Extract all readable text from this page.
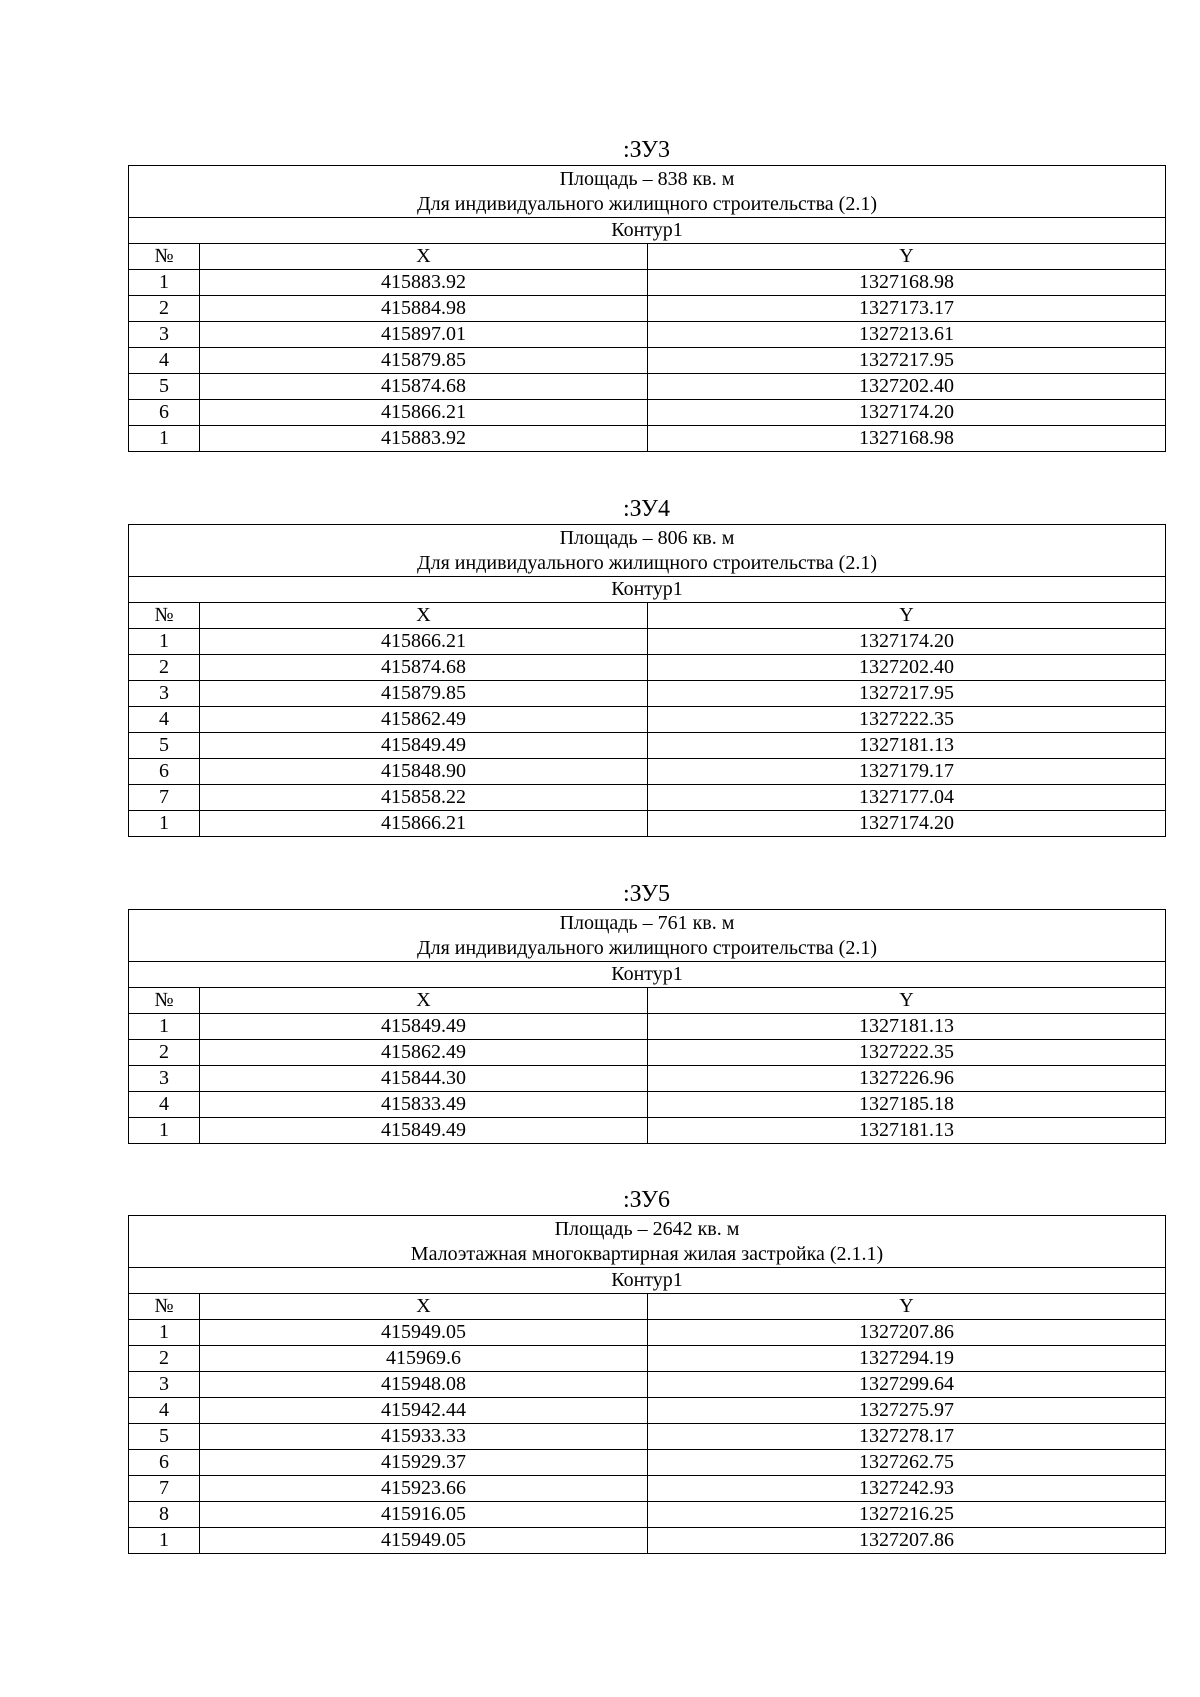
:ЗУ3
Площадь – 838 кв. м
Для индивидуального жилищного строительства (2.1)		

Контур1		
№	X	Y
1	415883.92	1327168.98
2	415884.98	1327173.17
3	415897.01	1327213.61
4	415879.85	1327217.95
5	415874.68	1327202.40
6	415866.21	1327174.20
1	415883.92	1327168.98
:ЗУ4
Площадь – 806 кв. м
Для индивидуального жилищного строительства (2.1)		

Контур1		
№	X	Y
1	415866.21	1327174.20
2	415874.68	1327202.40
3	415879.85	1327217.95
4	415862.49	1327222.35
5	415849.49	1327181.13
6	415848.90	1327179.17
7	415858.22	1327177.04
1	415866.21	1327174.20
:ЗУ5
Площадь – 761 кв. м
Для индивидуального жилищного строительства (2.1)		

Контур1		
№	X	Y
1	415849.49	1327181.13
2	415862.49	1327222.35
3	415844.30	1327226.96
4	415833.49	1327185.18
1	415849.49	1327181.13
:ЗУ6
Площадь – 2642 кв. м
Малоэтажная многоквартирная жилая застройка (2.1.1)		

Контур1		
№	X	Y
1	415949.05	1327207.86
2	415969.6	1327294.19
3	415948.08	1327299.64
4	415942.44	1327275.97
5	415933.33	1327278.17
6	415929.37	1327262.75
7	415923.66	1327242.93
8	415916.05	1327216.25
1	415949.05	1327207.86
